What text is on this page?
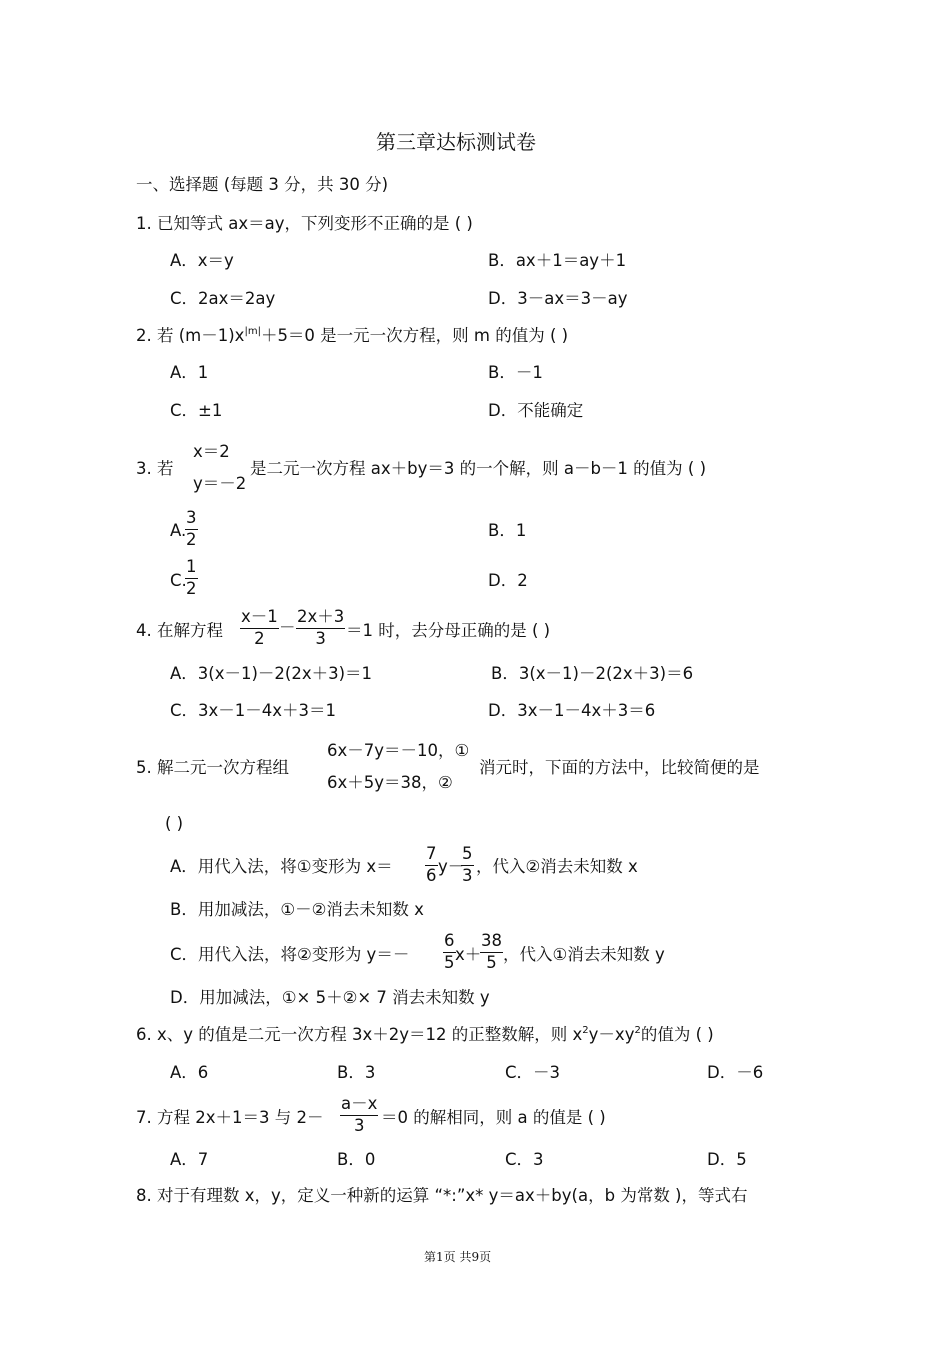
第三章达标测试卷
一、选择题 (每题 3 分，共 30 分)
1. 已知等式 ax＝ay，下列变形不正确的是 ( )
A．x＝y	B．ax＋1＝ay＋1
C．2ax＝2ay	D．3－ax＝3－ay
2. 若 $(m-1)x^{|m|}+5=0$ 是一元一次方程，则 m 的值为 ( )
A．1	B．－1
C．±1	D．不能确定
3. 若
x＝2
y＝－2
是二元一次方程 ax＋by＝3 的一个解，则 a－b－1 的值为 ( )
A.
3
2	B．1
C.
1
2	D．2
4. 在解方程
x－1
2
－
2x＋3
3 ＝1 时，去分母正确的是 ( )
A．3(x－1)－2(2x＋3)＝1	B．3(x－1)－2(2x＋3)＝6
C．3x－1－4x＋3＝1	D．3x－1－4x＋3＝6
5. 解二元一次方程组
6x－7y＝－10，①
6x＋5y＝38，②
消元时，下面的方法中，比较简便的是
( )
A．用代入法，将①变形为 x＝
7
6 y－
5
3 ，代入②消去未知数 x
B．用加减法，①－②消去未知数 x
C．用代入法，将②变形为 y＝－
6
5 x＋
38
5 ，代入①消去未知数 y
D．用加减法，①× 5＋②× 7 消去未知数 y
6. x、y 的值是二元一次方程 3x＋2y＝12 的正整数解，则 $x^2y-xy^2$的值为 ( )
A．6	B．3	C．－3	D．－6
7. 方程 2x＋1＝3 与 2－
a－x
3 ＝0 的解相同，则 a 的值是 ( )
A．7	B．0	C．3	D．5
8. 对于有理数 x，y，定义一种新的运算 “*:”x* y＝ax＋by(a，b 为常数 )，等式右
第1页 共9页
